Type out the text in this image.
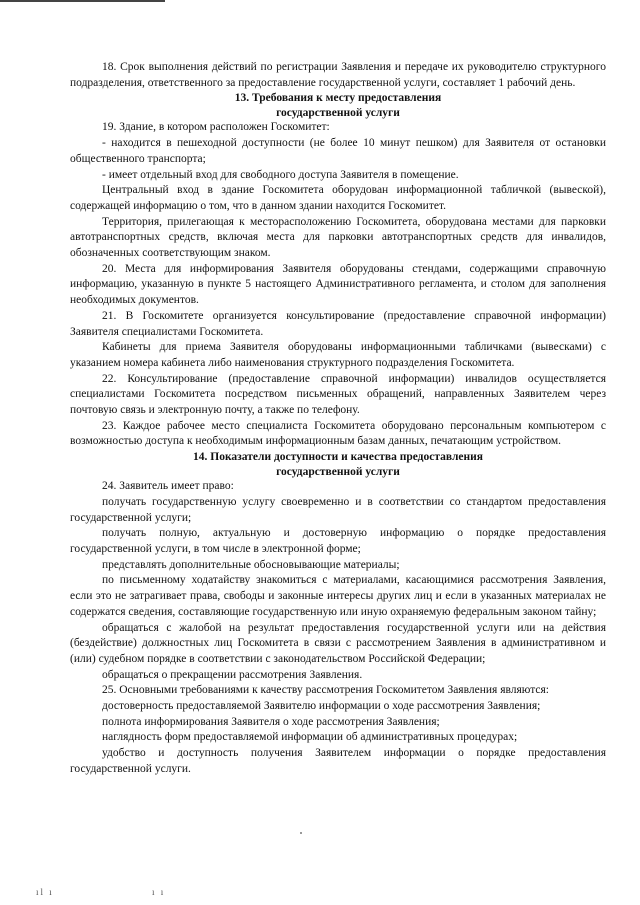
18. Срок выполнения действий по регистрации Заявления и передаче их руководителю структурного подразделения, ответственного за предоставление государственной услуги, составляет 1 рабочий день.

13. Требования к месту предоставления
государственной услуги

19. Здание, в котором расположен Госкомитет:

- находится в пешеходной доступности (не более 10 минут пешком) для Заявителя от остановки общественного транспорта;

- имеет отдельный вход для свободного доступа Заявителя в помещение.

Центральный вход в здание Госкомитета оборудован информационной табличкой (вывеской), содержащей информацию о том, что в данном здании находится Госкомитет.

Территория, прилегающая к месторасположению Госкомитета, оборудована местами для парковки автотранспортных средств, включая места для парковки автотранспортных средств для инвалидов, обозначенных соответствующим знаком.

20. Места для информирования Заявителя оборудованы стендами, содержащими справочную информацию, указанную в пункте 5 настоящего Административного регламента, и столом для заполнения необходимых документов.

21. В Госкомитете организуется консультирование (предоставление справочной информации) Заявителя специалистами Госкомитета.

Кабинеты для приема Заявителя оборудованы информационными табличками (вывесками) с указанием номера кабинета либо наименования структурного подразделения Госкомитета.

22. Консультирование (предоставление справочной информации) инвалидов осуществляется специалистами Госкомитета посредством письменных обращений, направленных Заявителем через почтовую связь и электронную почту, а также по телефону.

23. Каждое рабочее место специалиста Госкомитета оборудовано персональным компьютером с возможностью доступа к необходимым информационным базам данных, печатающим устройством.

14. Показатели доступности и качества предоставления
государственной услуги

24. Заявитель имеет право:

получать государственную услугу своевременно и в соответствии со стандартом предоставления государственной услуги;

получать полную, актуальную и достоверную информацию о порядке предоставления государственной услуги, в том числе в электронной форме;

представлять дополнительные обосновывающие материалы;

по письменному ходатайству знакомиться с материалами, касающимися рассмотрения Заявления, если это не затрагивает права, свободы и законные интересы других лиц и если в указанных материалах не содержатся сведения, составляющие государственную или иную охраняемую федеральным законом тайну;

обращаться с жалобой на результат предоставления государственной услуги или на действия (бездействие) должностных лиц Госкомитета в связи с рассмотрением Заявления в административном и (или) судебном порядке в соответствии с законодательством Российской Федерации;

обращаться о прекращении рассмотрения Заявления.

25. Основными требованиями к качеству рассмотрения Госкомитетом Заявления являются:

достоверность предоставляемой Заявителю информации о ходе рассмотрения Заявления;

полнота информирования Заявителя о ходе рассмотрения Заявления;

наглядность форм предоставляемой информации об административных процедурах;

удобство и доступность получения Заявителем информации о порядке предоставления государственной услуги.

ıl ı	ı ı
